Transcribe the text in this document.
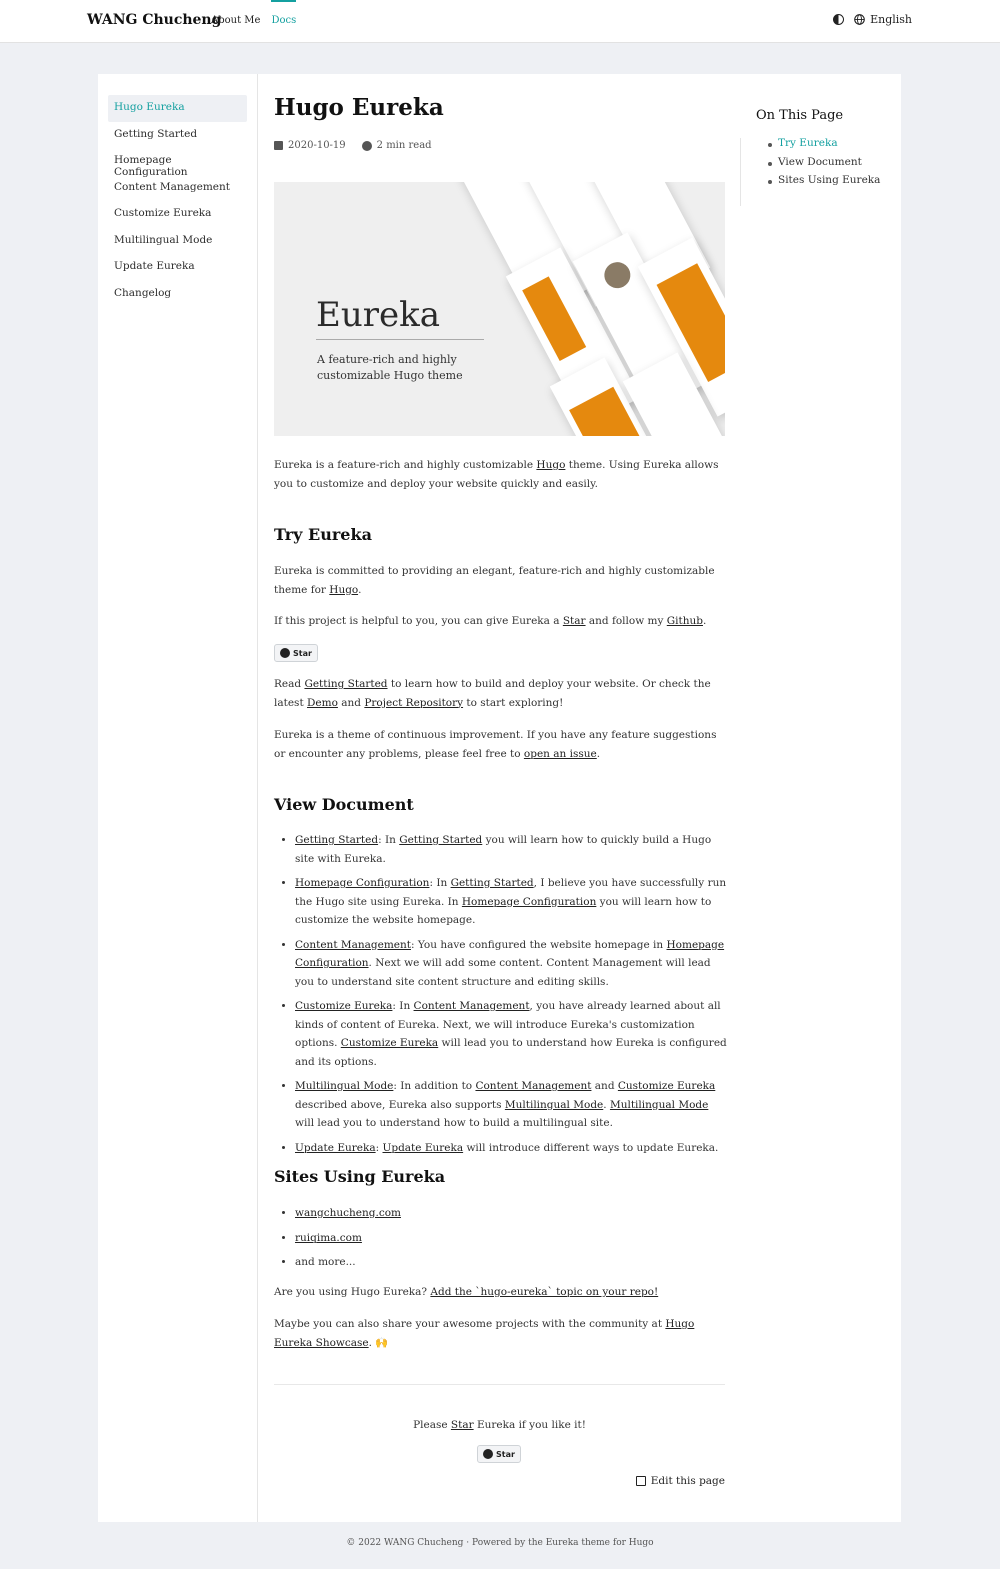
WANG Chucheng
About Me Docs	English
Hugo Eureka
Getting Started
Homepage Configuration
Content Management
Customize Eureka
Multilingual Mode
Update Eureka
Changelog
Hugo Eureka
2020-10-19	2 min read
Eureka
A feature-rich and highly customizable Hugo theme

Eureka is a feature-rich and highly customizable Hugo theme. Using Eureka allows you to customize and deploy your website quickly and easily.

Try Eureka

Eureka is committed to providing an elegant, feature-rich and highly customizable theme for Hugo.

If this project is helpful to you, you can give Eureka a Star and follow my Github.

Star

Read Getting Started to learn how to build and deploy your website. Or check the latest Demo and Project Repository to start exploring!

Eureka is a theme of continuous improvement. If you have any feature suggestions or encounter any problems, please feel free to open an issue.

View Document
• Getting Started: In Getting Started you will learn how to quickly build a Hugo site with Eureka.
• Homepage Configuration: In Getting Started, I believe you have successfully run the Hugo site using Eureka. In Homepage Configuration you will learn how to customize the website homepage.
• Content Management: You have configured the website homepage in Homepage Configuration. Next we will add some content. Content Management will lead you to understand site content structure and editing skills.
• Customize Eureka: In Content Management, you have already learned about all kinds of content of Eureka. Next, we will introduce Eureka's customization options. Customize Eureka will lead you to understand how Eureka is configured and its options.
• Multilingual Mode: In addition to Content Management and Customize Eureka described above, Eureka also supports Multilingual Mode. Multilingual Mode will lead you to understand how to build a multilingual site.
• Update Eureka: Update Eureka will introduce different ways to update Eureka.
Sites Using Eureka
• wangchucheng.com
• ruiqima.com
• and more...

Are you using Hugo Eureka? Add the `hugo-eureka` topic on your repo!

Maybe you can also share your awesome projects with the community at Hugo Eureka Showcase. 🙌

Please Star Eureka if you like it!

Star
Edit this page
On This Page
Try Eureka
View Document
Sites Using Eureka
© 2022 WANG Chucheng · Powered by the Eureka theme for Hugo
